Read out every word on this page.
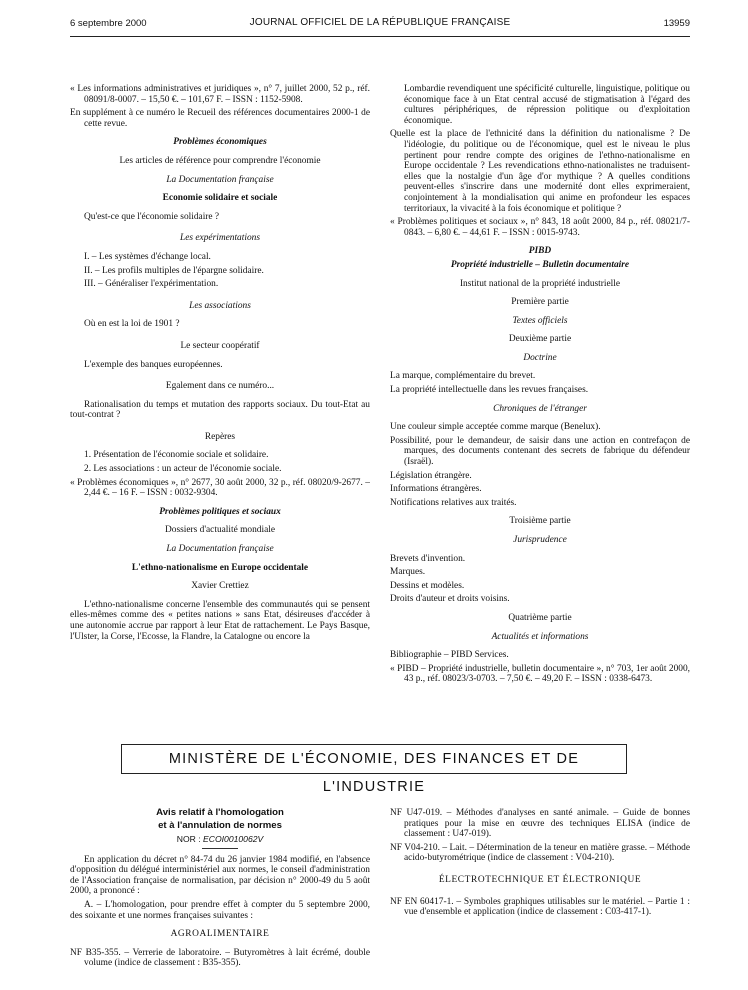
6 septembre 2000	JOURNAL OFFICIEL DE LA RÉPUBLIQUE FRANÇAISE	13959

« Les informations administratives et juridiques », n° 7, juillet 2000, 52 p., réf. 08091/8-0007. – 15,50 €. – 101,67 F. – ISSN : 1152-5908.

En supplément à ce numéro le Recueil des références documentaires 2000-1 de cette revue.

Problèmes économiques

Les articles de référence pour comprendre l'économie

La Documentation française

Economie solidaire et sociale

Qu'est-ce que l'économie solidaire ?

Les expérimentations

I. – Les systèmes d'échange local.

II. – Les profils multiples de l'épargne solidaire.

III. – Généraliser l'expérimentation.

Les associations

Où en est la loi de 1901 ?

Le secteur coopératif

L'exemple des banques européennes.

Egalement dans ce numéro...

Rationalisation du temps et mutation des rapports sociaux. Du tout-Etat au tout-contrat ?

Repères

1. Présentation de l'économie sociale et solidaire.

2. Les associations : un acteur de l'économie sociale.

« Problèmes économiques », n° 2677, 30 août 2000, 32 p., réf. 08020/9-2677. – 2,44 €. – 16 F. – ISSN : 0032-9304.

Problèmes politiques et sociaux

Dossiers d'actualité mondiale

La Documentation française

L'ethno-nationalisme en Europe occidentale

Xavier Crettiez

L'ethno-nationalisme concerne l'ensemble des communautés qui se pensent elles-mêmes comme des « petites nations » sans Etat, désireuses d'accéder à une autonomie accrue par rapport à leur Etat de rattachement. Le Pays Basque, l'Ulster, la Corse, l'Ecosse, la Flandre, la Catalogne ou encore la

Lombardie revendiquent une spécificité culturelle, linguistique, politique ou économique face à un Etat central accusé de stigmatisation à l'égard des cultures périphériques, de répression politique ou d'exploitation économique.

Quelle est la place de l'ethnicité dans la définition du nationalisme ? De l'idéologie, du politique ou de l'économique, quel est le niveau le plus pertinent pour rendre compte des origines de l'ethno-nationalisme en Europe occidentale ? Les revendications ethno-nationalistes ne traduisent-elles que la nostalgie d'un âge d'or mythique ? A quelles conditions peuvent-elles s'inscrire dans une modernité dont elles exprimeraient, conjointement à la mondialisation qui anime en profondeur les espaces territoriaux, la vivacité à la fois économique et politique ?

« Problèmes politiques et sociaux », n° 843, 18 août 2000, 84 p., réf. 08021/7-0843. – 6,80 €. – 44,61 F. – ISSN : 0015-9743.

PIBD

Propriété industrielle – Bulletin documentaire

Institut national de la propriété industrielle

Première partie

Textes officiels

Deuxième partie

Doctrine

La marque, complémentaire du brevet.

La propriété intellectuelle dans les revues françaises.

Chroniques de l'étranger

Une couleur simple acceptée comme marque (Benelux).

Possibilité, pour le demandeur, de saisir dans une action en contrefaçon de marques, des documents contenant des secrets de fabrique du défendeur (Israël).

Législation étrangère.

Informations étrangères.

Notifications relatives aux traités.

Troisième partie

Jurisprudence

Brevets d'invention.

Marques.

Dessins et modèles.

Droits d'auteur et droits voisins.

Quatrième partie

Actualités et informations

Bibliographie – PIBD Services.

« PIBD – Propriété industrielle, bulletin documentaire », n° 703, 1er août 2000, 43 p., réf. 08023/3-0703. – 7,50 €. – 49,20 F. – ISSN : 0338-6473.

MINISTÈRE DE L'ÉCONOMIE, DES FINANCES ET DE L'INDUSTRIE

Avis relatif à l'homologation

et à l'annulation de normes

NOR : ECOI0010062V

En application du décret n° 84-74 du 26 janvier 1984 modifié, en l'absence d'opposition du délégué interministériel aux normes, le conseil d'administration de l'Association française de normalisation, par décision n° 2000-49 du 5 août 2000, a prononcé :

A. – L'homologation, pour prendre effet à compter du 5 septembre 2000, des soixante et une normes françaises suivantes :

AGROALIMENTAIRE

NF B35-355. – Verrerie de laboratoire. – Butyromètres à lait écrémé, double volume (indice de classement : B35-355).

NF U47-019. – Méthodes d'analyses en santé animale. – Guide de bonnes pratiques pour la mise en œuvre des techniques ELISA (indice de classement : U47-019).

NF V04-210. – Lait. – Détermination de la teneur en matière grasse. – Méthode acido-butyrométrique (indice de classement : V04-210).

ÉLECTROTECHNIQUE ET ÉLECTRONIQUE

NF EN 60417-1. – Symboles graphiques utilisables sur le matériel. – Partie 1 : vue d'ensemble et application (indice de classement : C03-417-1).
